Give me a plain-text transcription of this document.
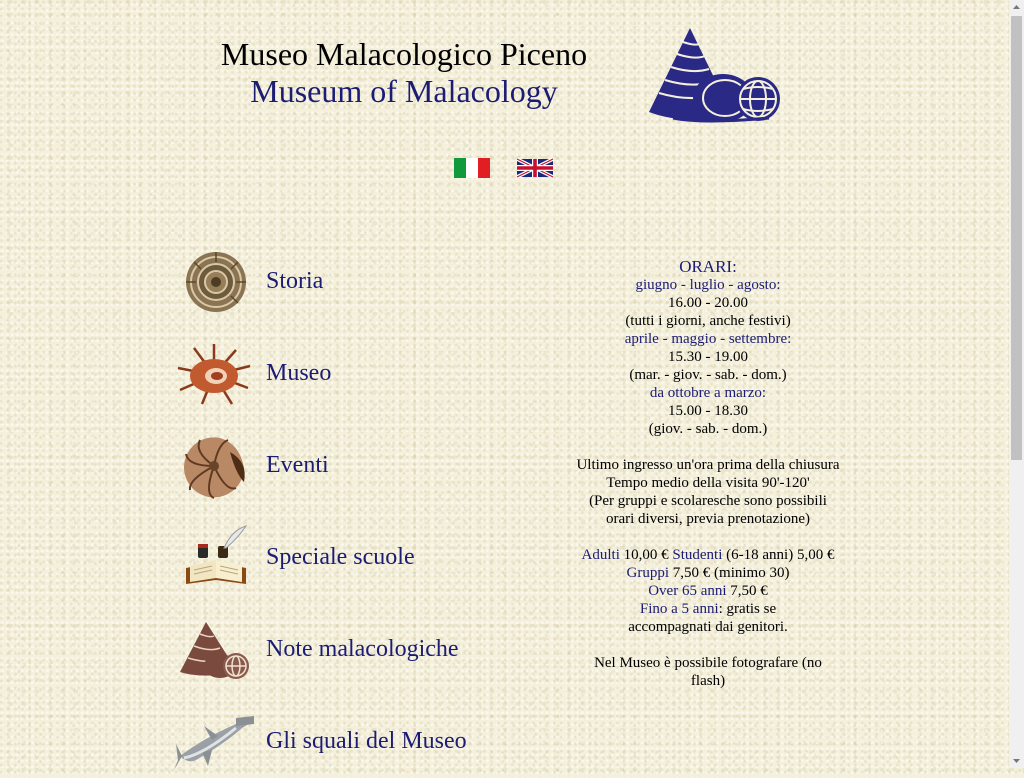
Museo Malacologico Piceno
Museum of Malacology
Storia
Museo
Eventi
Speciale scuole
Note malacologiche
Gli squali del Museo
ORARI:
giugno - luglio - agosto:
16.00 - 20.00
(tutti i giorni, anche festivi)
aprile - maggio - settembre:
15.30 - 19.00
(mar. - giov. - sab. - dom.)
da ottobre a marzo:
15.00 - 18.30
(giov. - sab. - dom.)
Ultimo ingresso un'ora prima della chiusura
Tempo medio della visita 90'-120'
(Per gruppi e scolaresche sono possibili
orari diversi, previa prenotazione)
Adulti 10,00 € Studenti (6-18 anni) 5,00 €
Gruppi 7,50 € (minimo 30)
Over 65 anni 7,50 €
Fino a 5 anni: gratis se
accompagnati dai genitori.
Nel Museo è possibile fotografare (no
flash)
